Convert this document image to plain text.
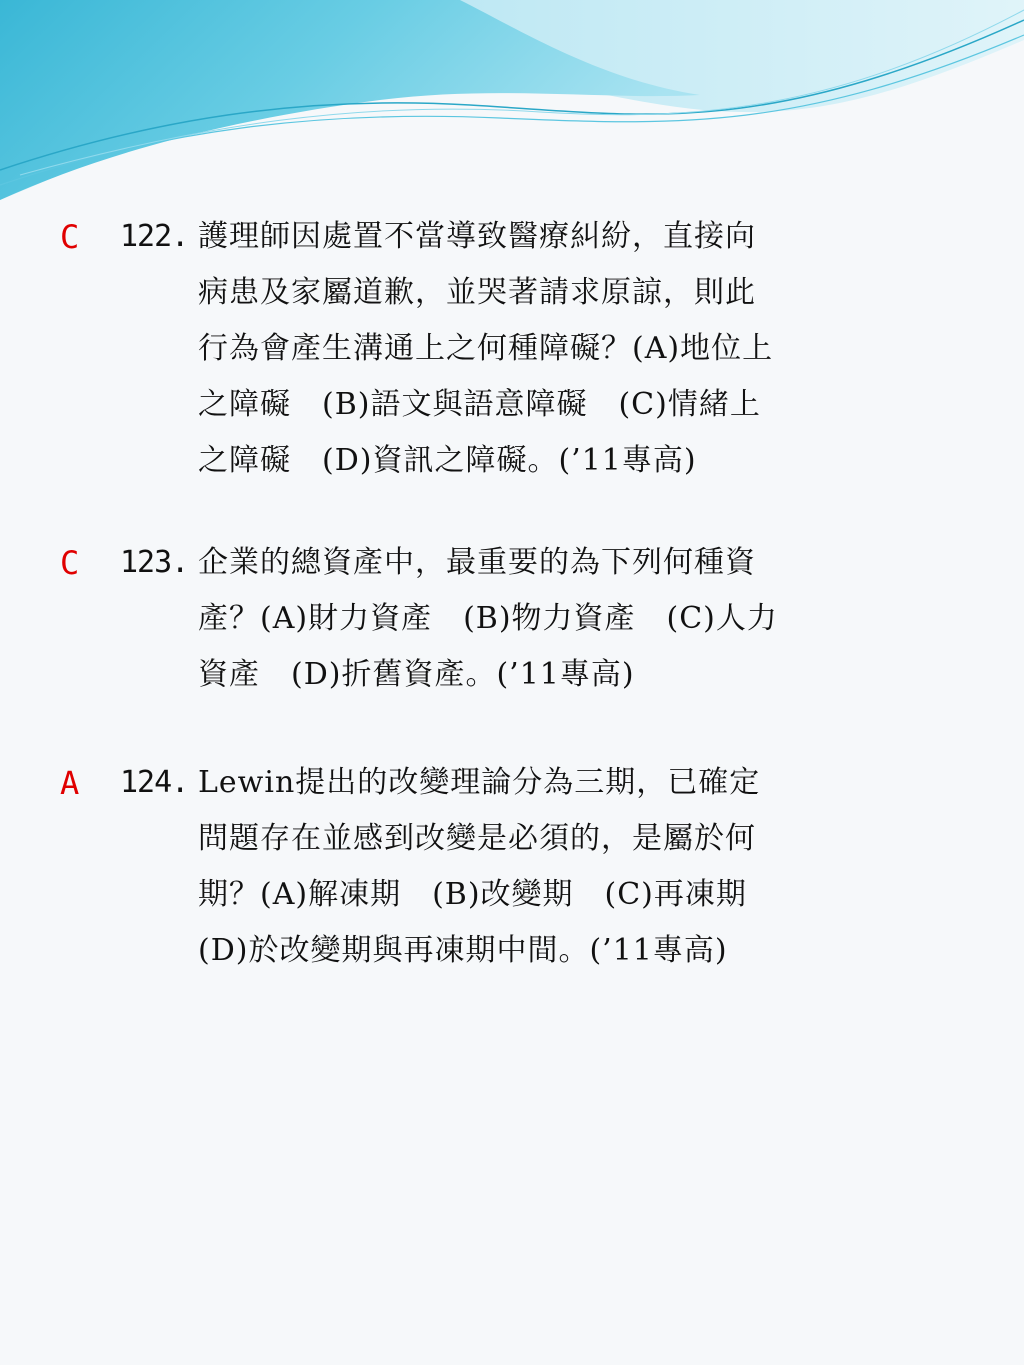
C 122. 護理師因處置不當導致醫療糾紛，直接向
病患及家屬道歉，並哭著請求原諒，則此
行為會產生溝通上之何種障礙？(A)地位上
之障礙　(B)語文與語意障礙　(C)情緒上
之障礙　(D)資訊之障礙。(’11專高)
C 123. 企業的總資產中，最重要的為下列何種資
產？(A)財力資產　(B)物力資產　(C)人力
資產　(D)折舊資產。(’11專高)
A 124. Lewin提出的改變理論分為三期，已確定
問題存在並感到改變是必須的，是屬於何
期？(A)解凍期　(B)改變期　(C)再凍期
(D)於改變期與再凍期中間。(’11專高)
